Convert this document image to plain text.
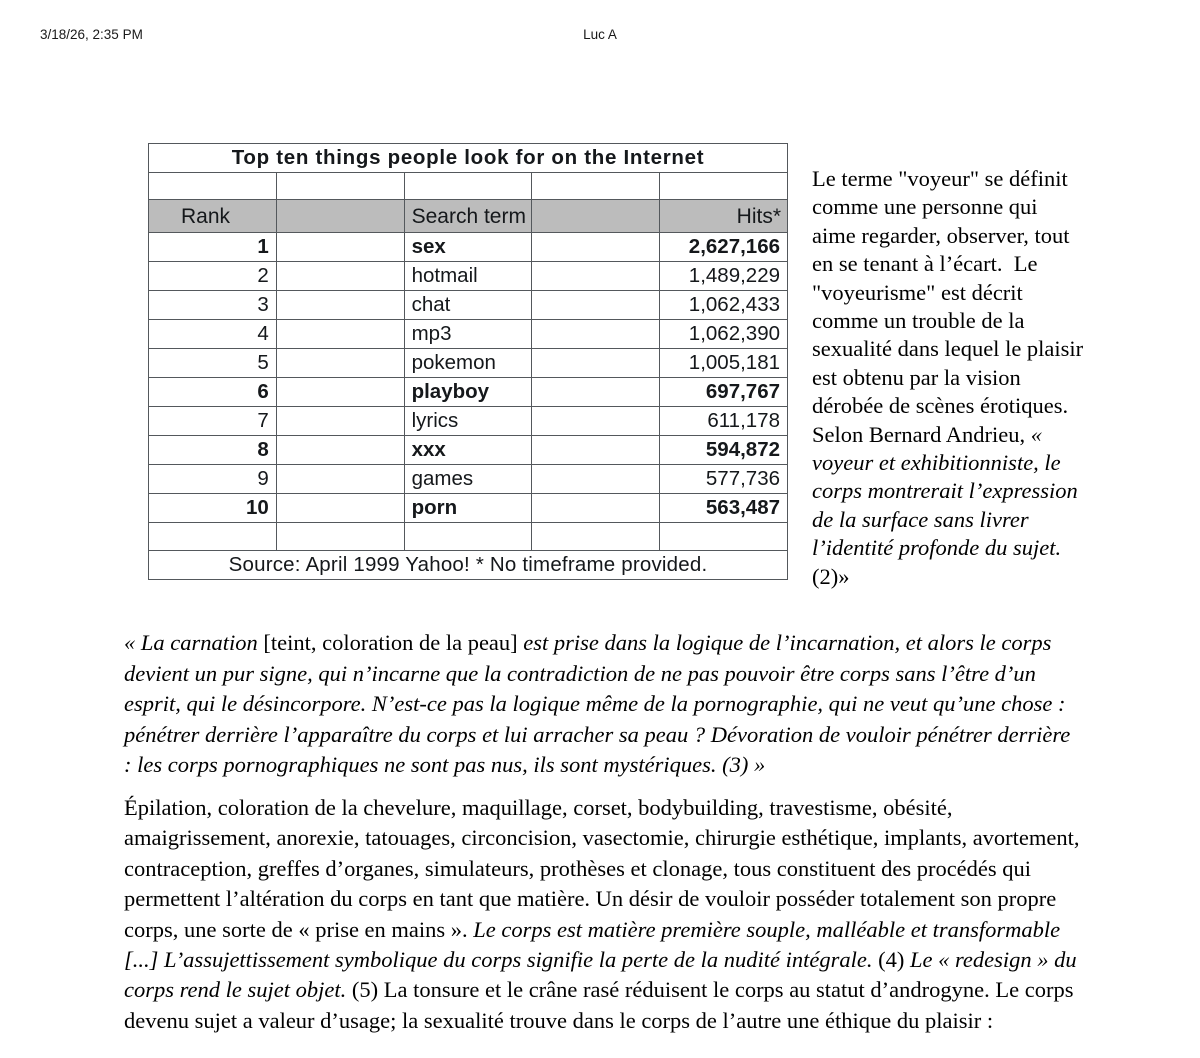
3/18/26, 2:35 PM	Luc A
Top ten things people look for on the Internet				

Rank		Search term		Hits*
1		sex		2,627,166
2		hotmail		1,489,229
3		chat		1,062,433
4		mp3		1,062,390
5		pokemon		1,005,181
6		playboy		697,767
7		lyrics		611,178
8		xxx		594,872
9		games		577,736
10		porn		563,487

Source: April 1999 Yahoo! * No timeframe provided.				
Le terme "voyeur" se définit comme une personne qui aime regarder, observer, tout en se tenant à l’écart.  Le "voyeurisme" est décrit comme un trouble de la sexualité dans lequel le plaisir est obtenu par la vision dérobée de scènes érotiques. Selon Bernard Andrieu, « voyeur et exhibitionniste, le corps montrerait l’expression de la surface sans livrer l’identité profonde du sujet. (2)»
« La carnation [teint, coloration de la peau] est prise dans la logique de l’incarnation, et alors le corps devient un pur signe, qui n’incarne que la contradiction de ne pas pouvoir être corps sans l’être d’un esprit, qui le désincorpore. N’est-ce pas la logique même de la pornographie, qui ne veut qu’une chose : pénétrer derrière l’apparaître du corps et lui arracher sa peau ? Dévoration de vouloir pénétrer derrière : les corps pornographiques ne sont pas nus, ils sont mystériques. (3) »
Épilation, coloration de la chevelure, maquillage, corset, bodybuilding, travestisme, obésité, amaigrissement, anorexie, tatouages, circoncision, vasectomie, chirurgie esthétique, implants, avortement, contraception, greffes d’organes, simulateurs, prothèses et clonage, tous constituent des procédés qui permettent l’altération du corps en tant que matière. Un désir de vouloir posséder totalement son propre corps, une sorte de « prise en mains ». Le corps est matière première souple, malléable et transformable [...] L’assujettissement symbolique du corps signifie la perte de la nudité intégrale. (4) Le « redesign » du corps rend le sujet objet. (5) La tonsure et le crâne rasé réduisent le corps au statut d’androgyne. Le corps devenu sujet a valeur d’usage; la sexualité trouve dans le corps de l’autre une éthique du plaisir :
